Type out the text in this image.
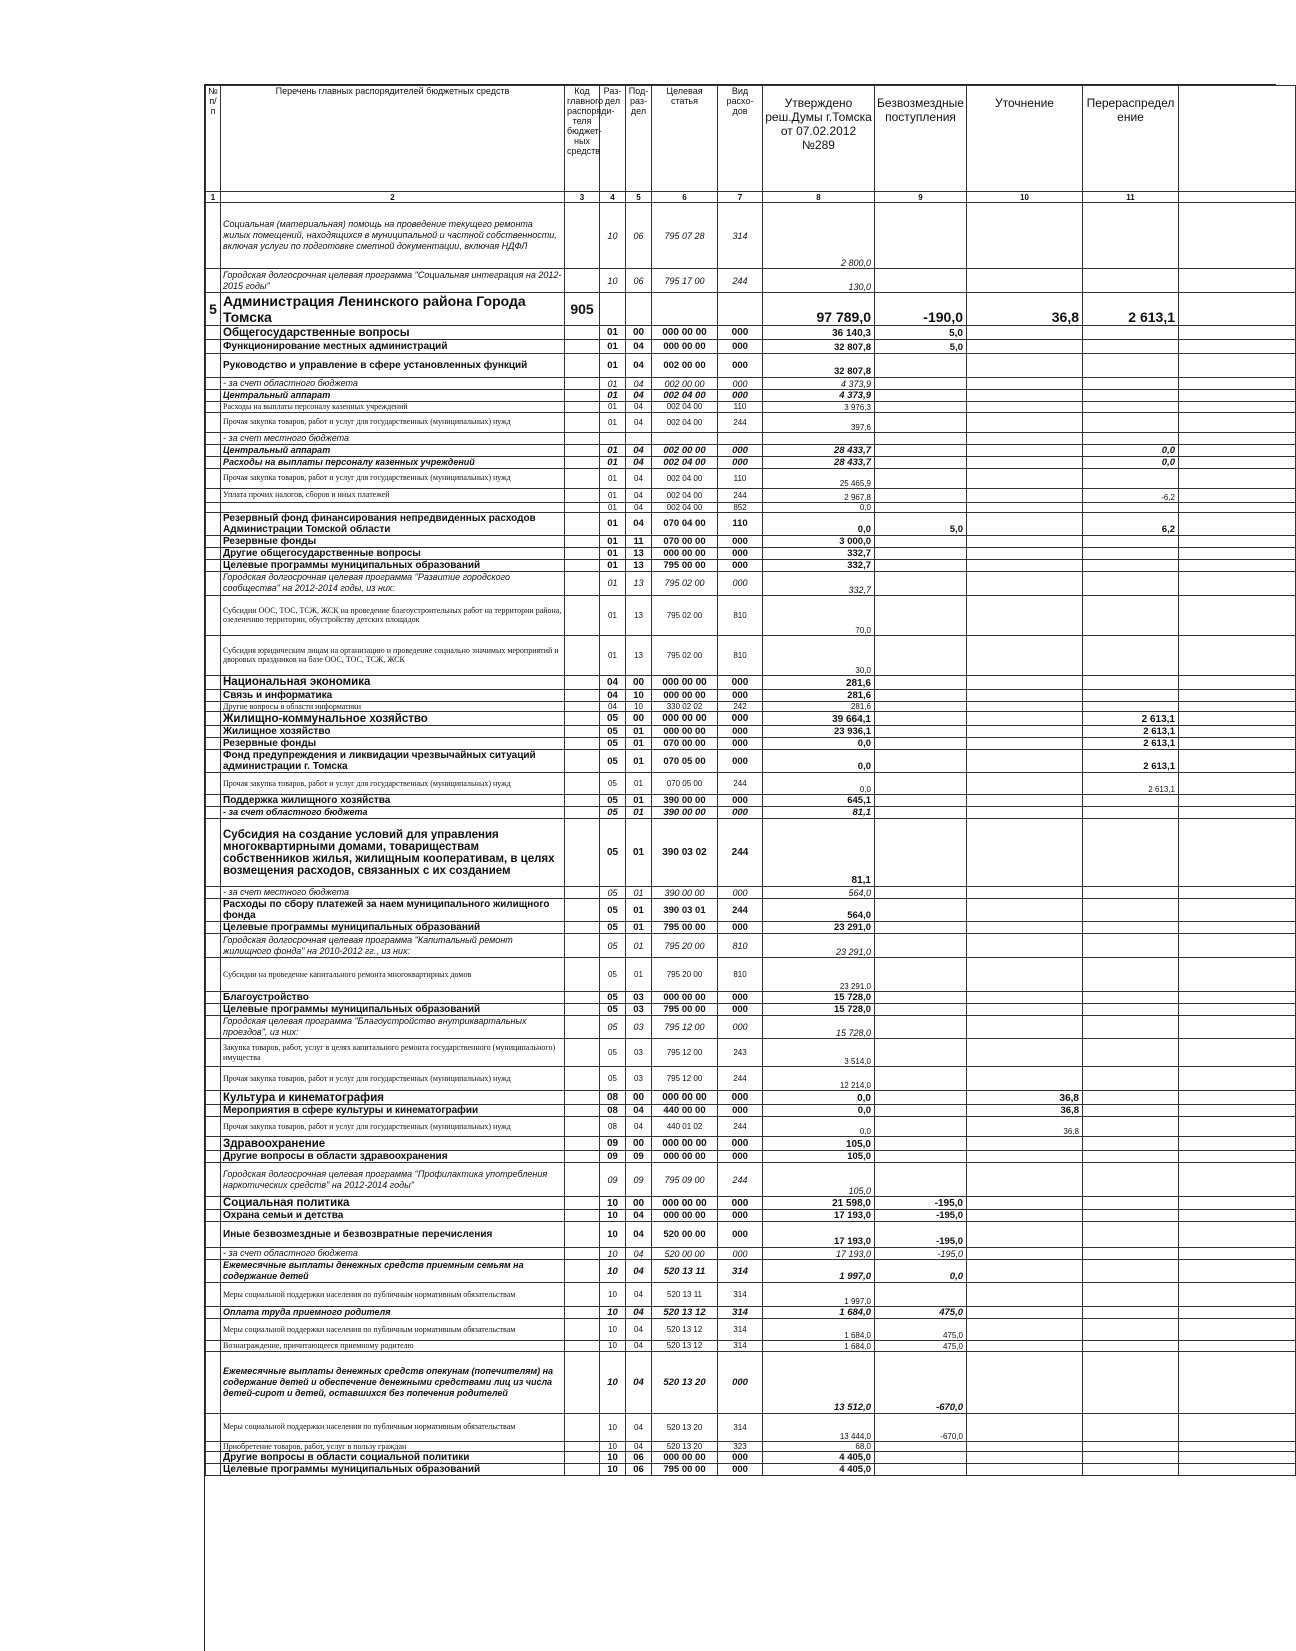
№ п/п	Перечень главных распорядителей бюджетных средств	Код главного распоряди-теля бюджет-ных средств	Раз-дел	Под-раз-дел	Целевая статья	Вид расхо-дов	Утверждено реш.Думы г.Томска от 07.02.2012 №289	Безвозмездные поступления	Уточнение	Перераспредел ение	
1	2	3	4	5	6	7	8	9	10	11	
	Социальная (материальная) помощь на проведение текущего ремонта жилых помещений, находящихся в муниципальной и частной собственности, включая услуги по подготовке сметной документации, включая НДФЛ		10	06	795 07 28	314	2 800,0				
	Городская долгосрочная целевая программа "Социальная интеграция на 2012-2015 годы"		10	06	795 17 00	244	130,0				
5	Администрация Ленинского района Города Томска	905					97 789,0	-190,0	36,8	2 613,1	
	Общегосударственные вопросы		01	00	000 00 00	000	36 140,3	5,0			
	Функционирование местных администраций		01	04	000 00 00	000	32 807,8	5,0			
	Руководство и управление в сфере установленных функций		01	04	002 00 00	000	32 807,8				
	- за счет областного бюджета		01	04	002 00 00	000	4 373,9				
	Центральный аппарат		01	04	002 04 00	000	4 373,9				
	Расходы на выплаты персоналу казенных учреждений		01	04	002 04 00	110	3 976,3				
	Прочая закупка товаров, работ и услуг для государственных (муниципальных) нужд		01	04	002 04 00	244	397,6				
	- за счет местного бюджета										
	Центральный аппарат		01	04	002 00 00	000	28 433,7			0,0	
	Расходы на выплаты персоналу казенных учреждений		01	04	002 04 00	000	28 433,7			0,0	
	Прочая закупка товаров, работ и услуг для государственных (муниципальных) нужд		01	04	002 04 00	110	25 465,9				
	Уплата прочих налогов, сборов и иных платежей		01	04	002 04 00	244	2 967,8			-6,2	
			01	04	002 04 00	852	0,0				
	Резервный фонд финансирования непредвиденных расходов Администрации Томской области		01	04	070 04 00	110	0,0	5,0		6,2	
	Резервные фонды		01	11	070 00 00	000	3 000,0				
	Другие общегосударственные вопросы		01	13	000 00 00	000	332,7				
	Целевые программы муниципальных образований		01	13	795 00 00	000	332,7				
	Городская долгосрочная целевая программа "Развитие городского сообщества" на 2012-2014 годы, из них:		01	13	795 02 00	000	332,7				
	Субсидии ООС, ТОС, ТСЖ, ЖСК на проведение благоустроительных работ на территории района, озеленению территории, обустройству детских площадок		01	13	795 02 00	810	70,0				
	Субсидия юридическим лицам на организацию и проведение социально значимых мероприятий и дворовых праздников на базе ООС, ТОС, ТСЖ, ЖСК		01	13	795 02 00	810	30,0				
	Национальная экономика		04	00	000 00 00	000	281,6				
	Связь и информатика		04	10	000 00 00	000	281,6				
	Другие вопросы в области информатики		04	10	330 02 02	242	281,6				
	Жилищно-коммунальное хозяйство		05	00	000 00 00	000	39 664,1			2 613,1	
	Жилищное хозяйство		05	01	000 00 00	000	23 936,1			2 613,1	
	Резервные фонды		05	01	070 00 00	000	0,0			2 613,1	
	Фонд предупреждения и ликвидации чрезвычайных ситуаций администрации г. Томска		05	01	070 05 00	000	0,0			2 613,1	
	Прочая закупка товаров, работ и услуг для государственных (муниципальных) нужд		05	01	070 05 00	244	0,0			2 613,1	
	Поддержка жилищного хозяйства		05	01	390 00 00	000	645,1				
	- за счет областного бюджета		05	01	390 00 00	000	81,1				
	Субсидия на создание условий для управления многоквартирными домами, товариществам собственников жилья, жилищным кооперативам, в целях возмещения расходов, связанных с их созданием		05	01	390 03 02	244	81,1				
	- за счет местного бюджета		05	01	390 00 00	000	564,0				
	Расходы по сбору платежей за наем муниципального жилищного фонда		05	01	390 03 01	244	564,0				
	Целевые программы муниципальных образований		05	01	795 00 00	000	23 291,0				
	Городская долгосрочная целевая программа "Капитальный ремонт жилищного фонда" на 2010-2012 гг., из них:		05	01	795 20 00	810	23 291,0				
	Субсидии на проведение капитального ремонта многоквартирных домов		05	01	795 20 00	810	23 291,0				
	Благоустройство		05	03	000 00 00	000	15 728,0				
	Целевые программы муниципальных образований		05	03	795 00 00	000	15 728,0				
	Городская целевая программа "Благоустройство внутриквартальных проездов", из них:		05	03	795 12 00	000	15 728,0				
	Закупка товаров, работ, услуг в целях капитального ремонта государственного (муниципального) имущества		05	03	795 12 00	243	3 514,0				
	Прочая закупка товаров, работ и услуг для государственных (муниципальных) нужд		05	03	795 12 00	244	12 214,0				
	Культура и кинематография		08	00	000 00 00	000	0,0		36,8		
	Мероприятия в сфере культуры и кинематографии		08	04	440 00 00	000	0,0		36,8		
	Прочая закупка товаров, работ и услуг для государственных (муниципальных) нужд		08	04	440 01 02	244	0,0		36,8		
	Здравоохранение		09	00	000 00 00	000	105,0				
	Другие вопросы в области здравоохранения		09	09	000 00 00	000	105,0				
	Городская долгосрочная целевая программа "Профилактика употребления наркотических средств" на 2012-2014 годы"		09	09	795 09 00	244	105,0				
	Социальная политика		10	00	000 00 00	000	21 598,0	-195,0			
	Охрана семьи и детства		10	04	000 00 00	000	17 193,0	-195,0			
	Иные безвозмездные и безвозвратные перечисления		10	04	520 00 00	000	17 193,0	-195,0			
	- за счет областного бюджета		10	04	520 00 00	000	17 193,0	-195,0			
	Ежемесячные выплаты денежных средств приемным семьям на содержание детей		10	04	520 13 11	314	1 997,0	0,0			
	Меры социальной поддержки населения по публичным нормативным обязательствам		10	04	520 13 11	314	1 997,0				
	Оплата труда приемного родителя		10	04	520 13 12	314	1 684,0	475,0			
	Меры социальной поддержки населения по публичным нормативным обязательствам		10	04	520 13 12	314	1 684,0	475,0			
	Вознаграждение, причитающееся приемному родителю		10	04	520 13 12	314	1 684,0	475,0			
	Ежемесячные выплаты денежных средств опекунам (попечителям) на содержание детей и обеспечение денежными средствами лиц из числа детей-сирот и детей, оставшихся без попечения родителей		10	04	520 13 20	000	13 512,0	-670,0			
	Меры социальной поддержки населения по публичным нормативным обязательствам		10	04	520 13 20	314	13 444,0	-670,0			
	Приобретение товаров, работ, услуг в пользу граждан		10	04	520 13 20	323	68,0				
	Другие вопросы в области социальной политики		10	06	000 00 00	000	4 405,0				
	Целевые программы муниципальных образований		10	06	795 00 00	000	4 405,0				
